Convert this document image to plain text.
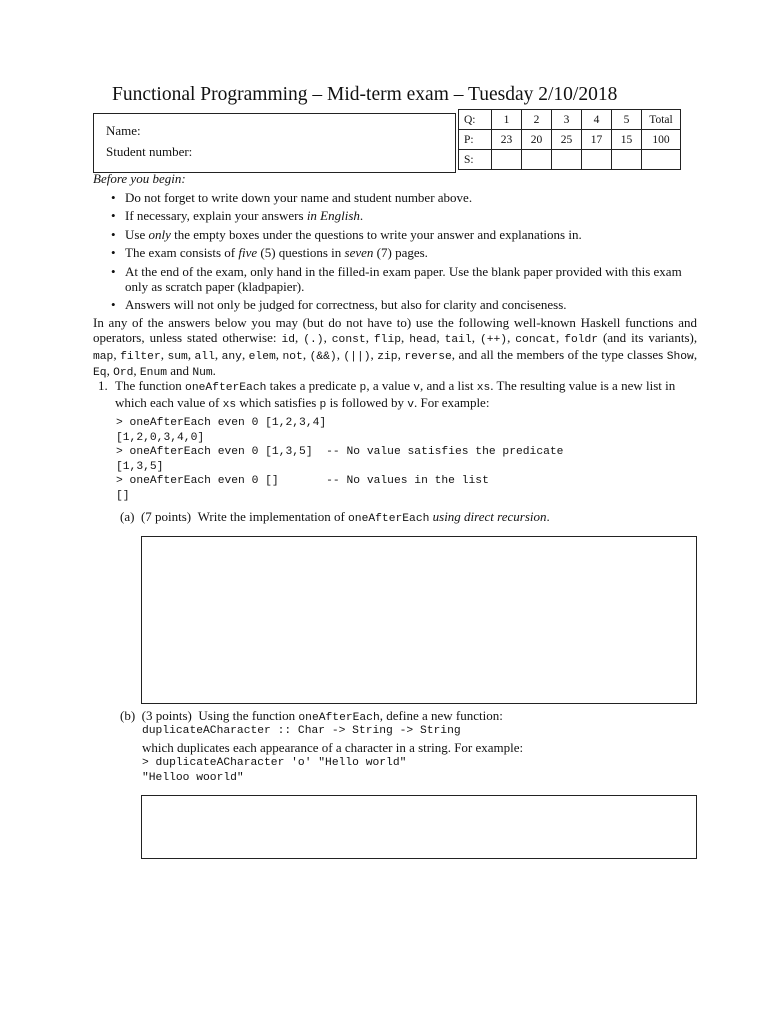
Functional Programming – Mid-term exam – Tuesday 2/10/2018
Name:
Student number:
Q:	1	2	3	4	5	Total
P:	23	20	25	17	15	100
S:						
Before you begin:
• Do not forget to write down your name and student number above.
• If necessary, explain your answers in English.
• Use only the empty boxes under the questions to write your answer and explanations in.
• The exam consists of five (5) questions in seven (7) pages.
• At the end of the exam, only hand in the filled-in exam paper. Use the blank paper provided with this exam only as scratch paper (kladpapier).
• Answers will not only be judged for correctness, but also for clarity and conciseness.

In any of the answers below you may (but do not have to) use the following well-known Haskell functions and operators, unless stated otherwise: id, (.), const, flip, head, tail, (++), concat, foldr (and its variants), map, filter, sum, all, any, elem, not, (&&), (||), zip, reverse, and all the members of the type classes Show, Eq, Ord, Enum and Num.

1. The function oneAfterEach takes a predicate p, a value v, and a list xs. The resulting value is a new list in which each value of xs which satisfies p is followed by v. For example:
> oneAfterEach even 0 [1,2,3,4]
[1,2,0,3,4,0]
> oneAfterEach even 0 [1,3,5]  -- No value satisfies the predicate
[1,3,5]
> oneAfterEach even 0 []       -- No values in the list
[]
(a) (7 points) Write the implementation of oneAfterEach using direct recursion.
(b) (3 points) Using the function oneAfterEach, define a new function:
duplicateACharacter :: Char -> String -> String
which duplicates each appearance of a character in a string. For example:
> duplicateACharacter 'o' "Hello world"
"Helloo woorld"
